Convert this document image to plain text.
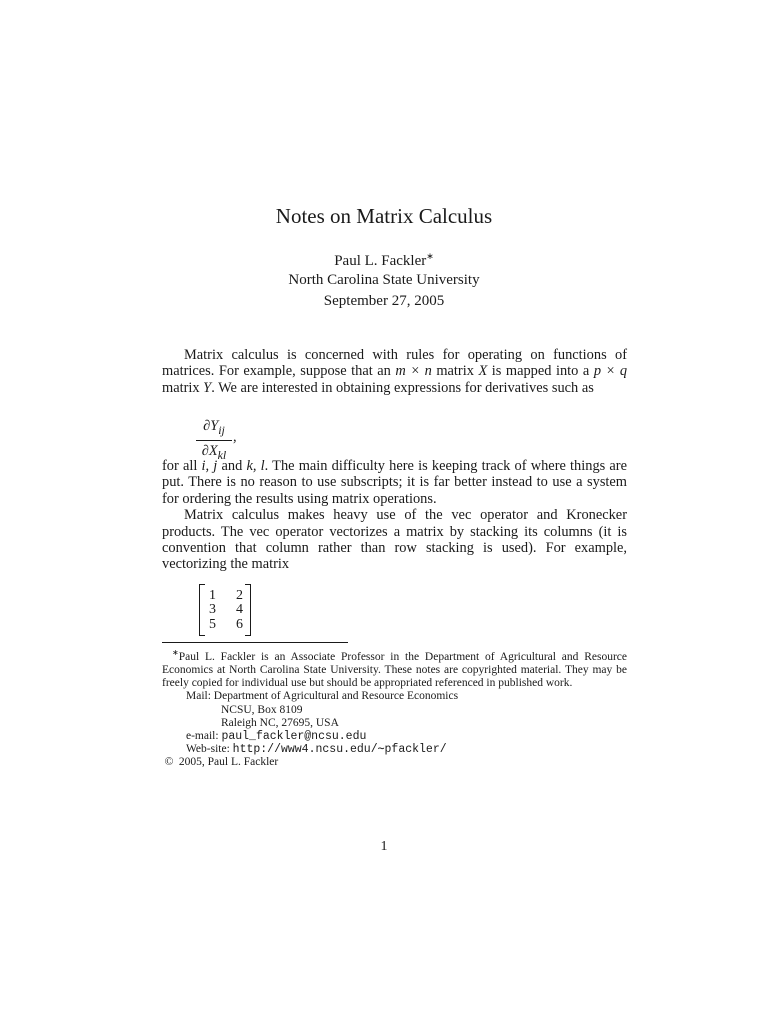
Notes on Matrix Calculus
Paul L. Fackler∗
North Carolina State University
September 27, 2005
Matrix calculus is concerned with rules for operating on functions of matrices. For example, suppose that an m × n matrix X is mapped into a p × q matrix Y. We are interested in obtaining expressions for derivatives such as
$\partial Y_{ij}$
$\partial X_{kl}$
,
for all i, j and k, l. The main difficulty here is keeping track of where things are put. There is no reason to use subscripts; it is far better instead to use a system for ordering the results using matrix operations.
Matrix calculus makes heavy use of the vec operator and Kronecker products. The vec operator vectorizes a matrix by stacking its columns (it is convention that column rather than row stacking is used). For example, vectorizing the matrix
1 2
3 4
5 6
∗Paul L. Fackler is an Associate Professor in the Department of Agricultural and Resource Economics at North Carolina State University. These notes are copyrighted material. They may be freely copied for individual use but should be appropriated referenced in published work.
Mail: Department of Agricultural and Resource Economics
NCSU, Box 8109
Raleigh NC, 27695, USA
e-mail: paul_fackler@ncsu.edu
Web-site: http://www4.ncsu.edu/∼pfackler/
© 2005, Paul L. Fackler
1
